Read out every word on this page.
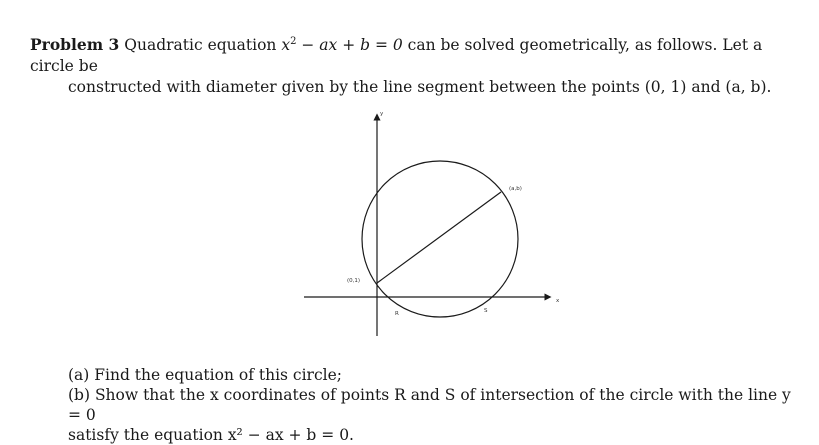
Problem 3 Quadratic equation $x^2$ − ax + b = 0 can be solved geometrically, as follows. Let a circle be
constructed with diameter given by the line segment between the points (0, 1) and (a, b).
y
x
(0,1)
(a,b)
R	S
(a) Find the equation of this circle;
(b) Show that the x coordinates of points R and S of intersection of the circle with the line y = 0
satisfy the equation x² − ax + b = 0.
